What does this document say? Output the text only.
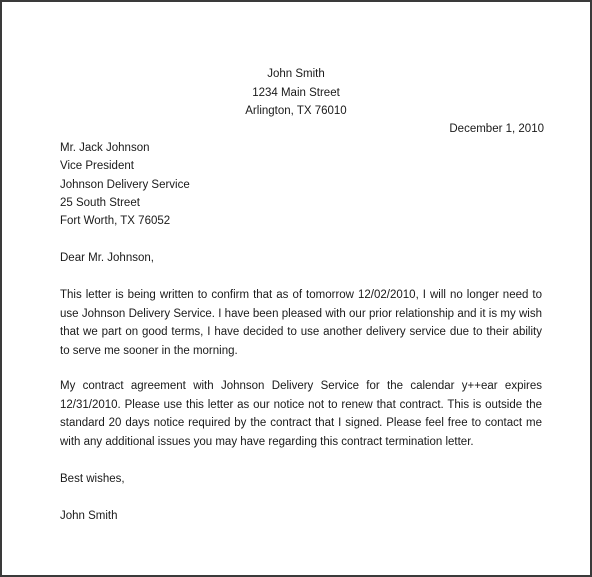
John Smith
1234 Main Street
Arlington, TX 76010
December 1, 2010
Mr. Jack Johnson
Vice President
Johnson Delivery Service
25 South Street
Fort Worth, TX 76052
Dear Mr. Johnson,
This letter is being written to confirm that as of tomorrow 12/02/2010, I will no longer need to use Johnson Delivery Service. I have been pleased with our prior relationship and it is my wish that we part on good terms, I have decided to use another delivery service due to their ability to serve me sooner in the morning.
My contract agreement with Johnson Delivery Service for the calendar y++ear expires 12/31/2010. Please use this letter as our notice not to renew that contract. This is outside the standard 20 days notice required by the contract that I signed. Please feel free to contact me with any additional issues you may have regarding this contract termination letter.
Best wishes,
John Smith
